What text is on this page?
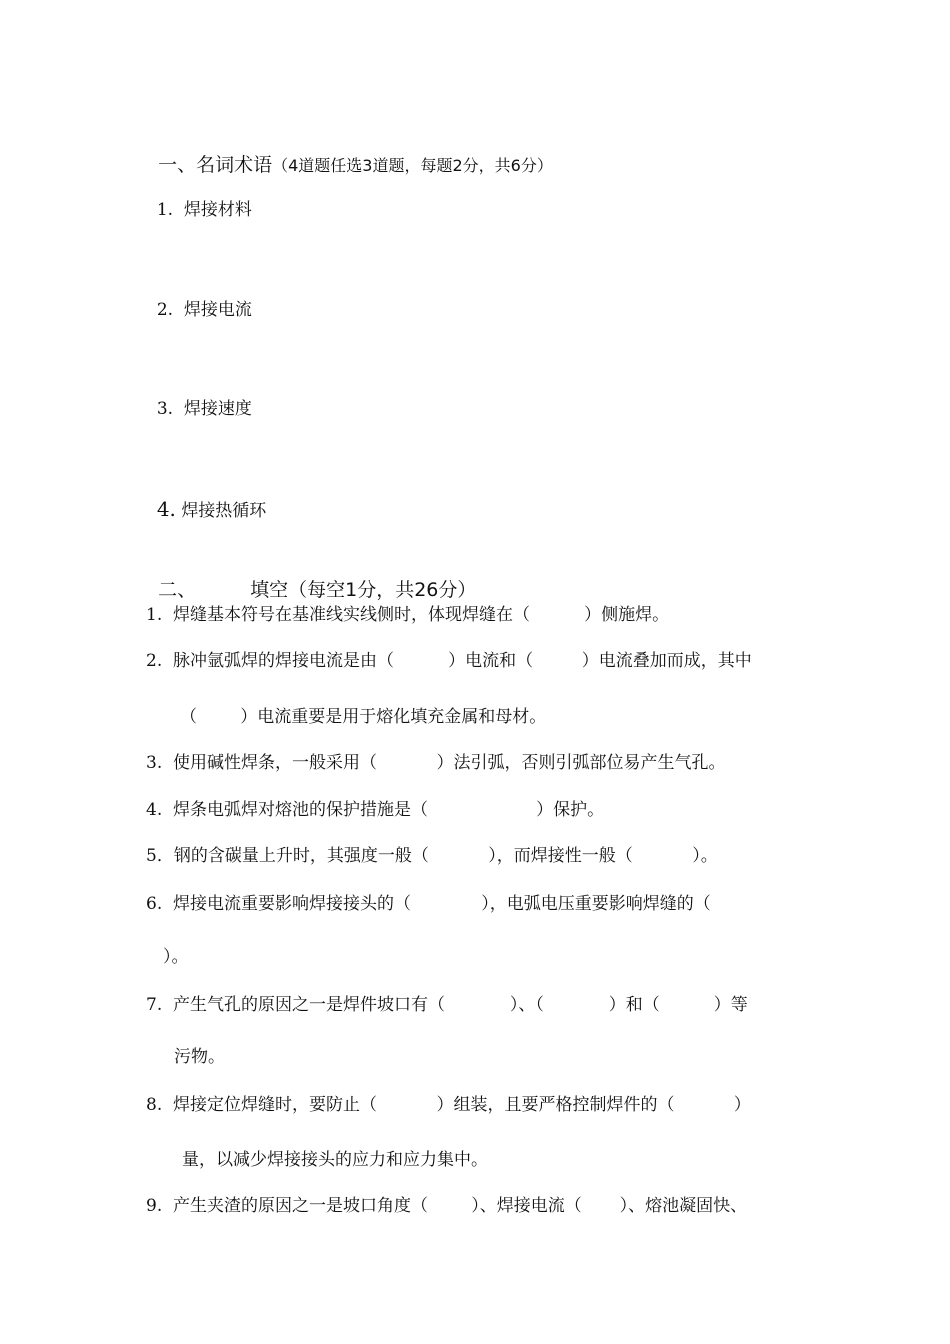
一、名词术语（4道题任选3道题，每题2分，共6分）

1. 焊接材料

2. 焊接电流

3. 焊接速度

4. 焊接热循环

二、	填空（每空1分，共26分）

1.  焊缝基本符号在基准线实线侧时，体现焊缝在（          ）侧施焊。
2.  脉冲氩弧焊的焊接电流是由（          ）电流和（         ）电流叠加而成，其中
（        ）电流重要是用于熔化填充金属和母材。
3.  使用碱性焊条，一般采用（           ）法引弧，否则引弧部位易产生气孔。
4.  焊条电弧焊对熔池的保护措施是（                    ）保护。
5．钢的含碳量上升时，其强度一般（           ），而焊接性一般（           ）。
6.  焊接电流重要影响焊接接头的（             ），电弧电压重要影响焊缝的（
）。
7.  产生气孔的原因之一是焊件坡口有（            ）、（            ）和（          ）等
污物。
8.  焊接定位焊缝时，要防止（           ）组装，且要严格控制焊件的（           ）
量，以减少焊接接头的应力和应力集中。
9.  产生夹渣的原因之一是坡口角度（        ）、焊接电流（       ）、熔池凝固快、
